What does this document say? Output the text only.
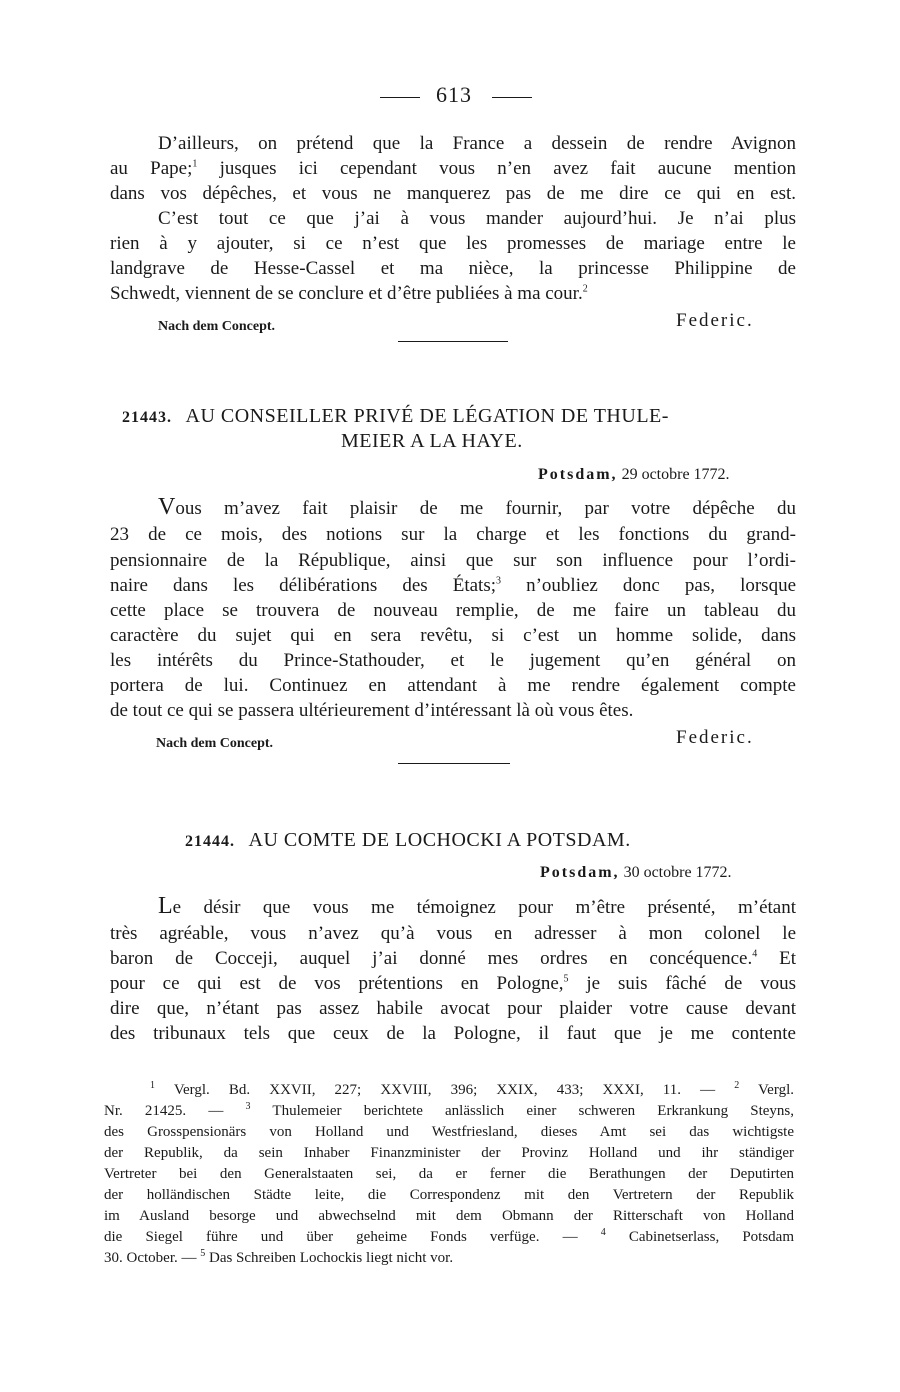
613
D’ailleurs, on prétend que la France a dessein de rendre Avignon
au Pape;$^1$ jusques ici cependant vous n’en avez fait aucune mention
dans vos dépêches, et vous ne manquerez pas de me dire ce qui en est.
C’est tout ce que j’ai à vous mander aujourd’hui. Je n’ai plus
rien à y ajouter, si ce n’est que les promesses de mariage entre le
landgrave de Hesse-Cassel et ma nièce, la princesse Philippine de
Schwedt, viennent de se conclure et d’être publiées à ma cour.$^2$
Nach dem Concept.	Federic.
21443. AU CONSEILLER PRIVÉ DE LÉGATION DE THULE-
MEIER A LA HAYE.
Potsdam, 29 octobre 1772.
Vous m’avez fait plaisir de me fournir, par votre dépêche du
23 de ce mois, des notions sur la charge et les fonctions du grand-
pensionnaire de la République, ainsi que sur son influence pour l’ordi-
naire dans les délibérations des États;$^3$ n’oubliez donc pas, lorsque
cette place se trouvera de nouveau remplie, de me faire un tableau du
caractère du sujet qui en sera revêtu, si c’est un homme solide, dans
les intérêts du Prince-Stathouder, et le jugement qu’en général on
portera de lui. Continuez en attendant à me rendre également compte
de tout ce qui se passera ultérieurement d’intéressant là où vous êtes.
Nach dem Concept.	Federic.
21444. AU COMTE DE LOCHOCKI A POTSDAM.
Potsdam, 30 octobre 1772.
Le désir que vous me témoignez pour m’être présenté, m’étant
très agréable, vous n’avez qu’à vous en adresser à mon colonel le
baron de Cocceji, auquel j’ai donné mes ordres en concéquence.$^4$ Et
pour ce qui est de vos prétentions en Pologne,$^5$ je suis fâché de vous
dire que, n’étant pas assez habile avocat pour plaider votre cause devant
des tribunaux tels que ceux de la Pologne, il faut que je me contente
$^1$ Vergl. Bd. XXVII, 227; XXVIII, 396; XXIX, 433; XXXI, 11. — $^2$ Vergl.
Nr. 21425. — $^3$ Thulemeier berichtete anlässlich einer schweren Erkrankung Steyns,
des Grosspensionärs von Holland und Westfriesland, dieses Amt sei das wichtigste
der Republik, da sein Inhaber Finanzminister der Provinz Holland und ihr ständiger
Vertreter bei den Generalstaaten sei, da er ferner die Berathungen der Deputirten
der holländischen Städte leite, die Correspondenz mit den Vertretern der Republik
im Ausland besorge und abwechselnd mit dem Obmann der Ritterschaft von Holland
die Siegel führe und über geheime Fonds verfüge. — $^4$ Cabinetserlass, Potsdam
30. October. — $^5$ Das Schreiben Lochockis liegt nicht vor.
